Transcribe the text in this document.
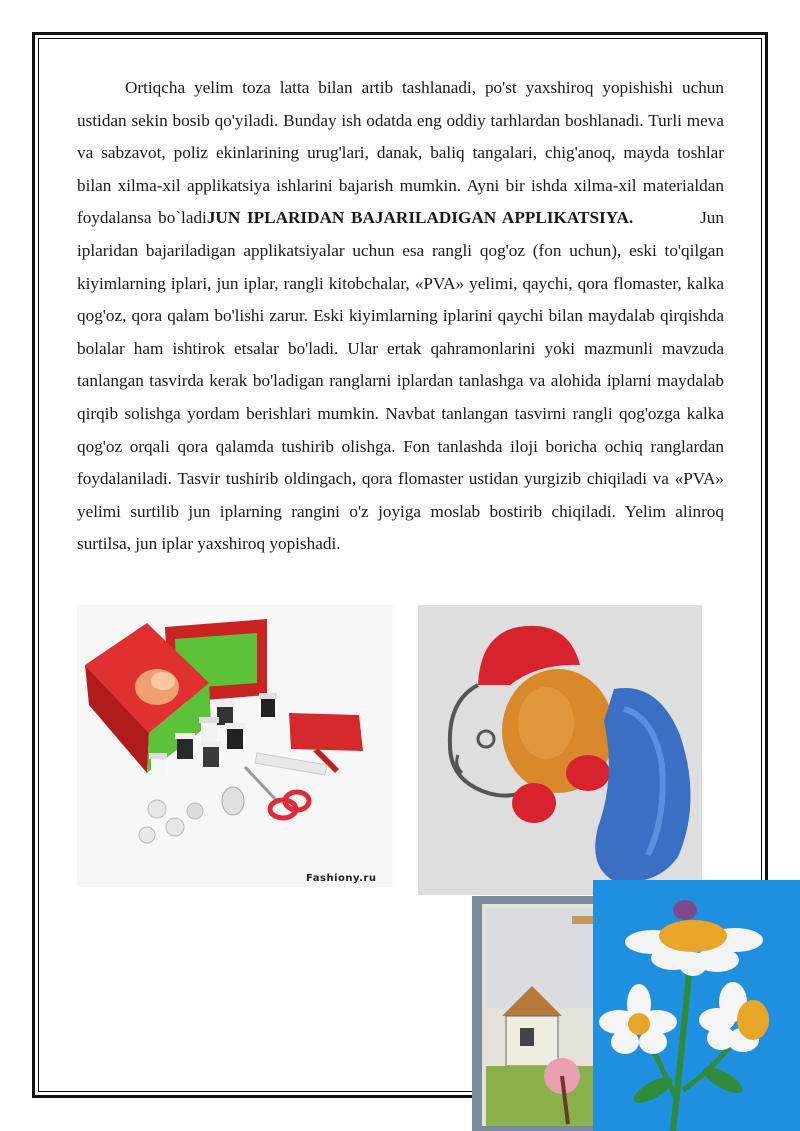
Ortiqcha yelim toza latta bilan artib tashlanadi, po'st yaxshiroq yopishishi uchun ustidan sekin bosib qo'yiladi. Bunday ish odatda eng oddiy tarhlardan boshlanadi. Turli meva va sabzavot, poliz ekinlarining urug'lari, danak, baliq tangalari, chig'anoq, mayda toshlar bilan xilma-xil applikatsiya ishlarini bajarish mumkin. Ayni bir ishda xilma-xil materialdan foydalansa bo`ladiJUN IPLARIDAN BAJARILADIGAN APPLIKATSIYA.	Jun iplaridan bajariladigan applikatsiyalar uchun esa rangli qog'oz (fon uchun), eski to'qilgan kiyimlarning iplari, jun iplar, rangli kitobchalar, «PVA» yelimi, qaychi, qora flomaster, kalka qog'oz, qora qalam bo'lishi zarur. Eski kiyimlarning iplarini qaychi bilan maydalab qirqishda bolalar ham ishtirok etsalar bo'ladi. Ular ertak qahramonlarini yoki mazmunli mavzuda tanlangan tasvirda kerak bo'ladigan ranglarni iplardan tanlashga va alohida iplarni maydalab qirqib solishga yordam berishlari mumkin. Navbat tanlangan tasvirni rangli qog'ozga kalka qog'oz orqali qora qalamda tushirib olishga. Fon tanlashda iloji boricha ochiq ranglardan foydalaniladi. Tasvir tushirib oldingach, qora flomaster ustidan yurgizib chiqiladi va «PVA» yelimi surtilib jun iplarning rangini o'z joyiga moslab bostirib chiqiladi. Yelim alinroq surtilsa, jun iplar yaxshiroq yopishadi.

Fashiony.ru
